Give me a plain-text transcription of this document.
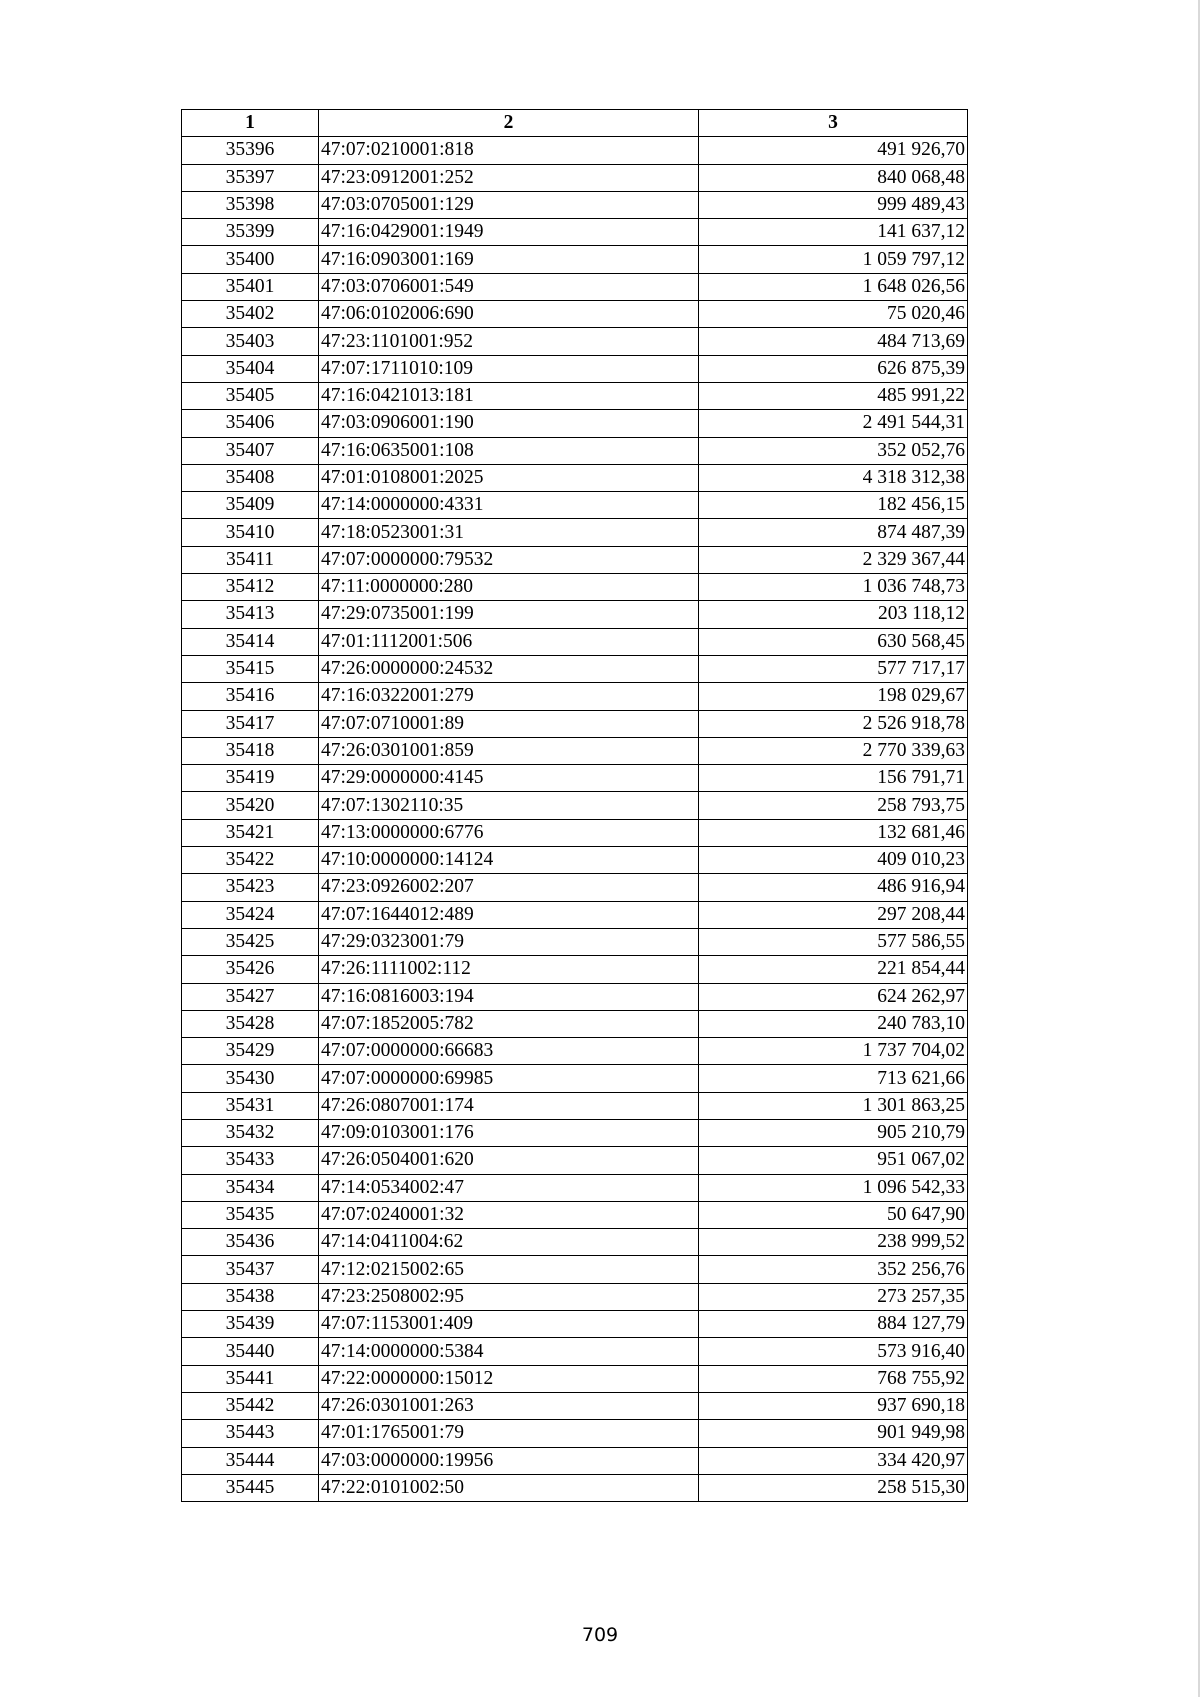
1	2	3
35396	47:07:0210001:818	491 926,70
35397	47:23:0912001:252	840 068,48
35398	47:03:0705001:129	999 489,43
35399	47:16:0429001:1949	141 637,12
35400	47:16:0903001:169	1 059 797,12
35401	47:03:0706001:549	1 648 026,56
35402	47:06:0102006:690	75 020,46
35403	47:23:1101001:952	484 713,69
35404	47:07:1711010:109	626 875,39
35405	47:16:0421013:181	485 991,22
35406	47:03:0906001:190	2 491 544,31
35407	47:16:0635001:108	352 052,76
35408	47:01:0108001:2025	4 318 312,38
35409	47:14:0000000:4331	182 456,15
35410	47:18:0523001:31	874 487,39
35411	47:07:0000000:79532	2 329 367,44
35412	47:11:0000000:280	1 036 748,73
35413	47:29:0735001:199	203 118,12
35414	47:01:1112001:506	630 568,45
35415	47:26:0000000:24532	577 717,17
35416	47:16:0322001:279	198 029,67
35417	47:07:0710001:89	2 526 918,78
35418	47:26:0301001:859	2 770 339,63
35419	47:29:0000000:4145	156 791,71
35420	47:07:1302110:35	258 793,75
35421	47:13:0000000:6776	132 681,46
35422	47:10:0000000:14124	409 010,23
35423	47:23:0926002:207	486 916,94
35424	47:07:1644012:489	297 208,44
35425	47:29:0323001:79	577 586,55
35426	47:26:1111002:112	221 854,44
35427	47:16:0816003:194	624 262,97
35428	47:07:1852005:782	240 783,10
35429	47:07:0000000:66683	1 737 704,02
35430	47:07:0000000:69985	713 621,66
35431	47:26:0807001:174	1 301 863,25
35432	47:09:0103001:176	905 210,79
35433	47:26:0504001:620	951 067,02
35434	47:14:0534002:47	1 096 542,33
35435	47:07:0240001:32	50 647,90
35436	47:14:0411004:62	238 999,52
35437	47:12:0215002:65	352 256,76
35438	47:23:2508002:95	273 257,35
35439	47:07:1153001:409	884 127,79
35440	47:14:0000000:5384	573 916,40
35441	47:22:0000000:15012	768 755,92
35442	47:26:0301001:263	937 690,18
35443	47:01:1765001:79	901 949,98
35444	47:03:0000000:19956	334 420,97
35445	47:22:0101002:50	258 515,30
709
